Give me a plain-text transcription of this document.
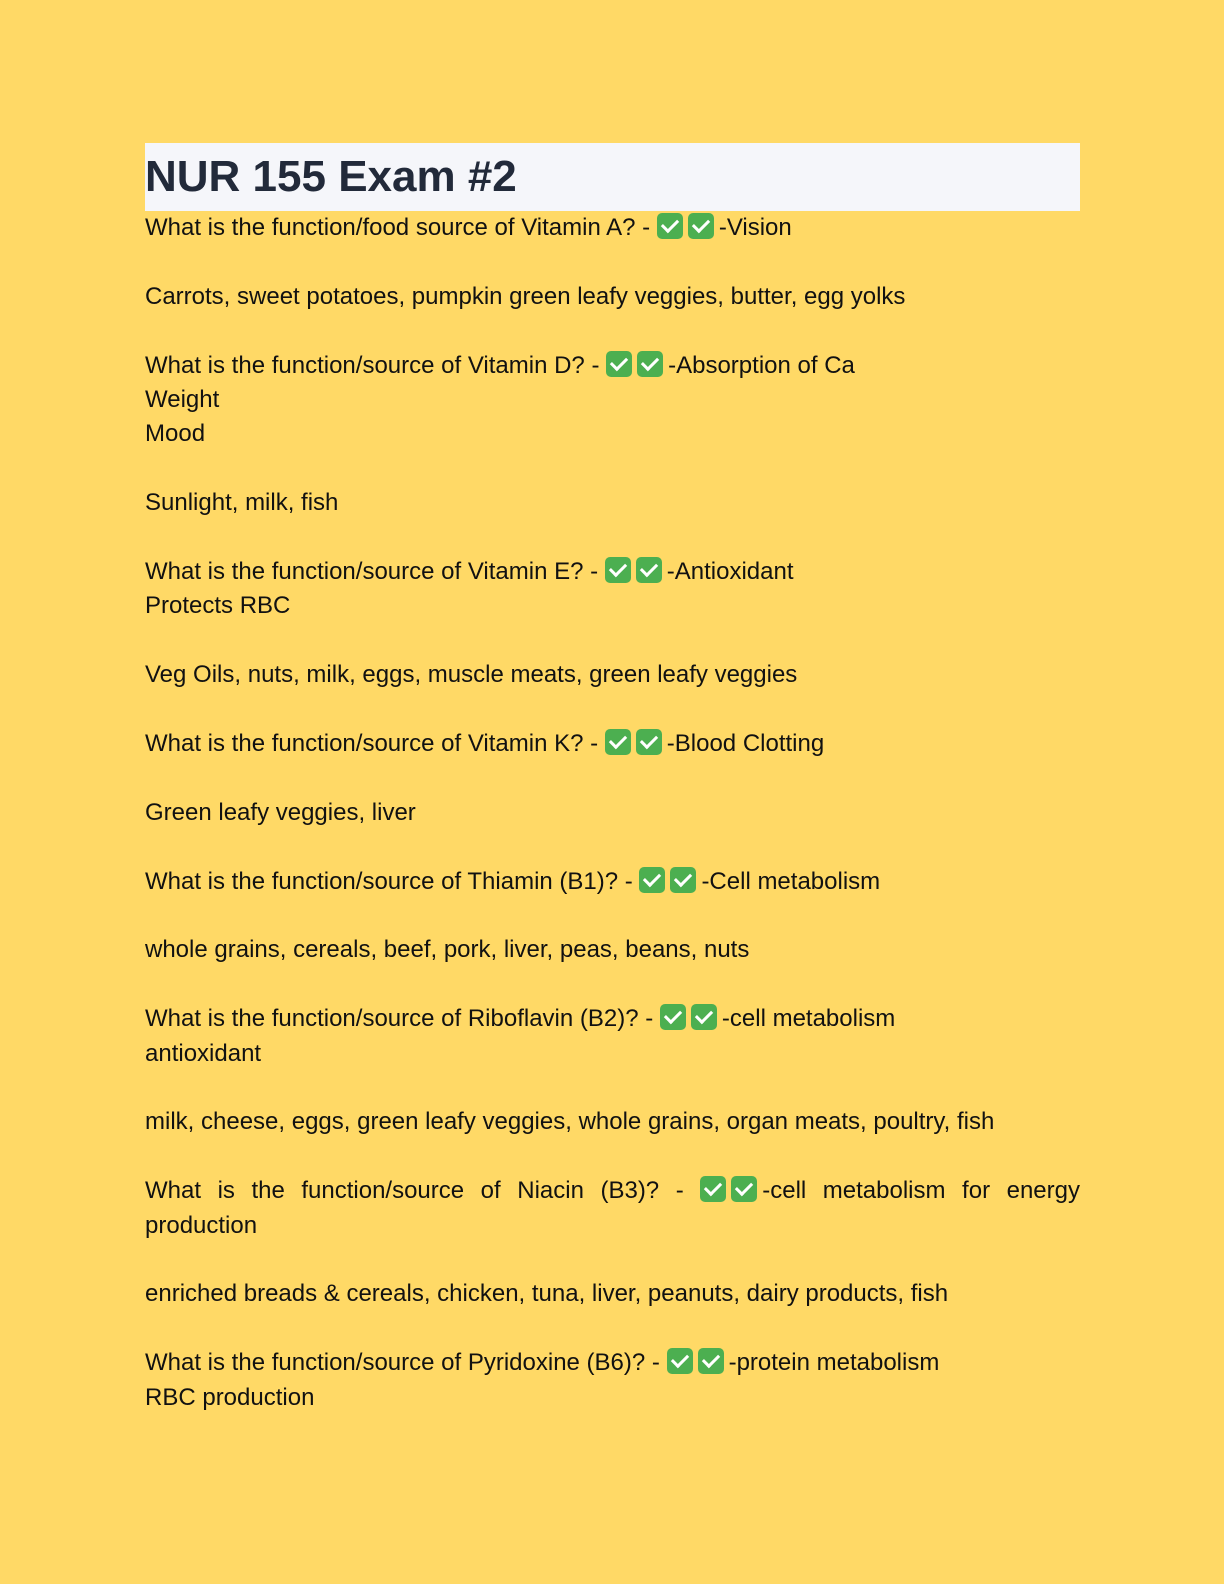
NUR 155 Exam #2
What is the function/food source of Vitamin A? -	-Vision
Carrots, sweet potatoes, pumpkin green leafy veggies, butter, egg yolks
What is the function/source of Vitamin D? -	-Absorption of Ca
Weight
Mood
Sunlight, milk, fish
What is the function/source of Vitamin E? -	-Antioxidant
Protects RBC
Veg Oils, nuts, milk, eggs, muscle meats, green leafy veggies
What is the function/source of Vitamin K? -	-Blood Clotting
Green leafy veggies, liver
What is the function/source of Thiamin (B1)? -	-Cell metabolism
whole grains, cereals, beef, pork, liver, peas, beans, nuts
What is the function/source of Riboflavin (B2)? -	-cell metabolism
antioxidant
milk, cheese, eggs, green leafy veggies, whole grains, organ meats, poultry, fish
What is the function/source of Niacin (B3)? -	-cell metabolism for energy
production
enriched breads & cereals, chicken, tuna, liver, peanuts, dairy products, fish
What is the function/source of Pyridoxine (B6)? -	-protein metabolism
RBC production
